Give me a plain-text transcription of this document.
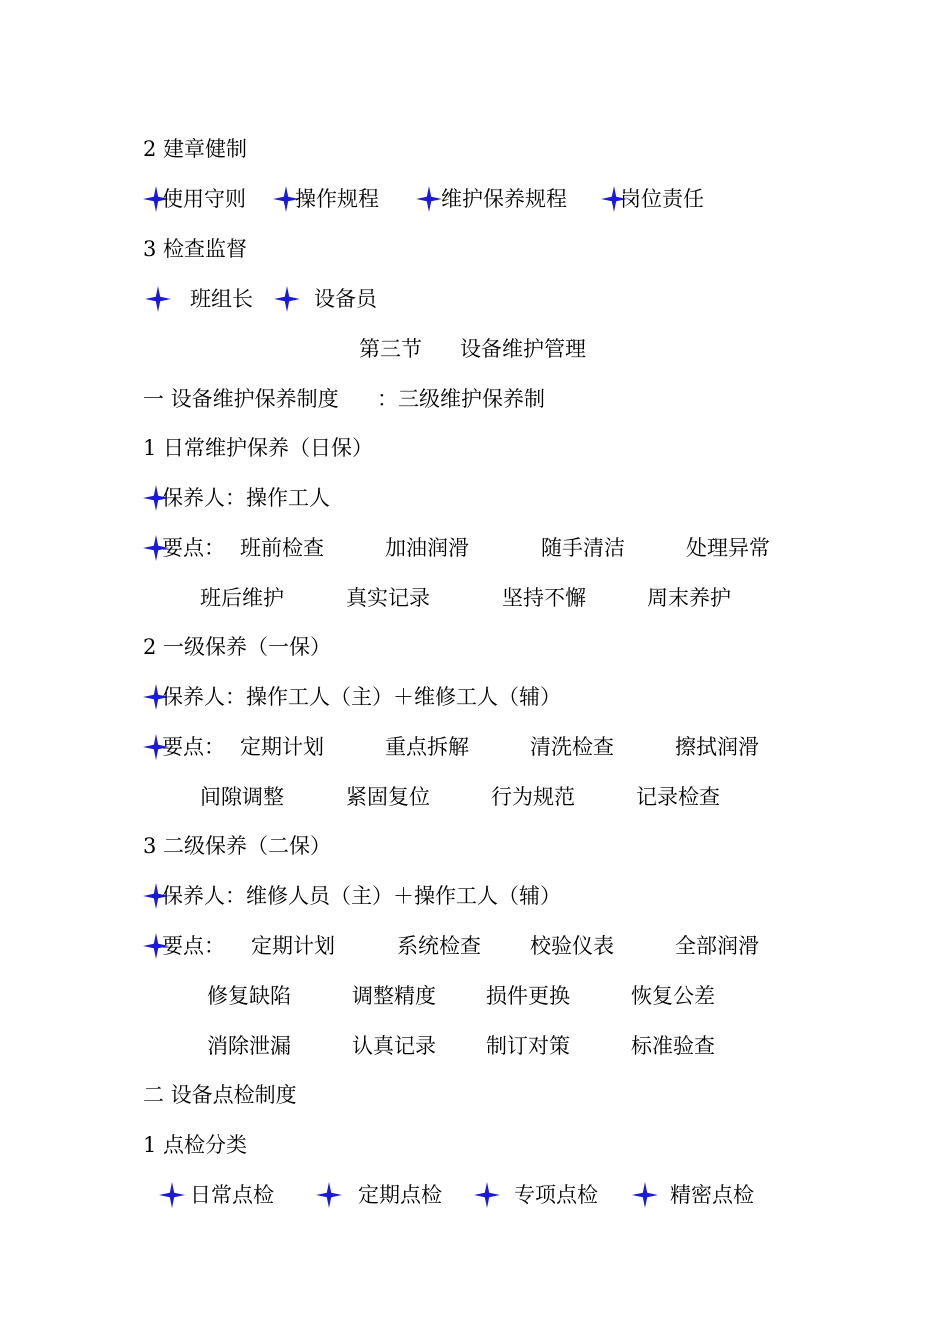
2 建章健制
使用守则 操作规程	维护保养规程	岗位责任
3 检查监督
班组长	设备员
第三节 设备维护管理
一 设备维护保养制度 ：三级维护保养制
1 日常维护保养（日保）
保养人：操作工人
要点： 班前检查	加油润滑	随手清洁	处理异常
班后维护	真实记录	坚持不懈	周末养护
2 一级保养（一保）
保养人：操作工人（主）＋维修工人（辅）
要点： 定期计划	重点拆解	清洗检查	擦拭润滑
间隙调整	紧固复位	行为规范	记录检查
3 二级保养（二保）
保养人：维修人员（主）＋操作工人（辅）
要点： 定期计划	系统检查 校验仪表	全部润滑
修复缺陷	调整精度 损件更换	恢复公差
消除泄漏	认真记录 制订对策	标准验查
二 设备点检制度
1 点检分类
日常点检	定期点检	专项点检	精密点检
